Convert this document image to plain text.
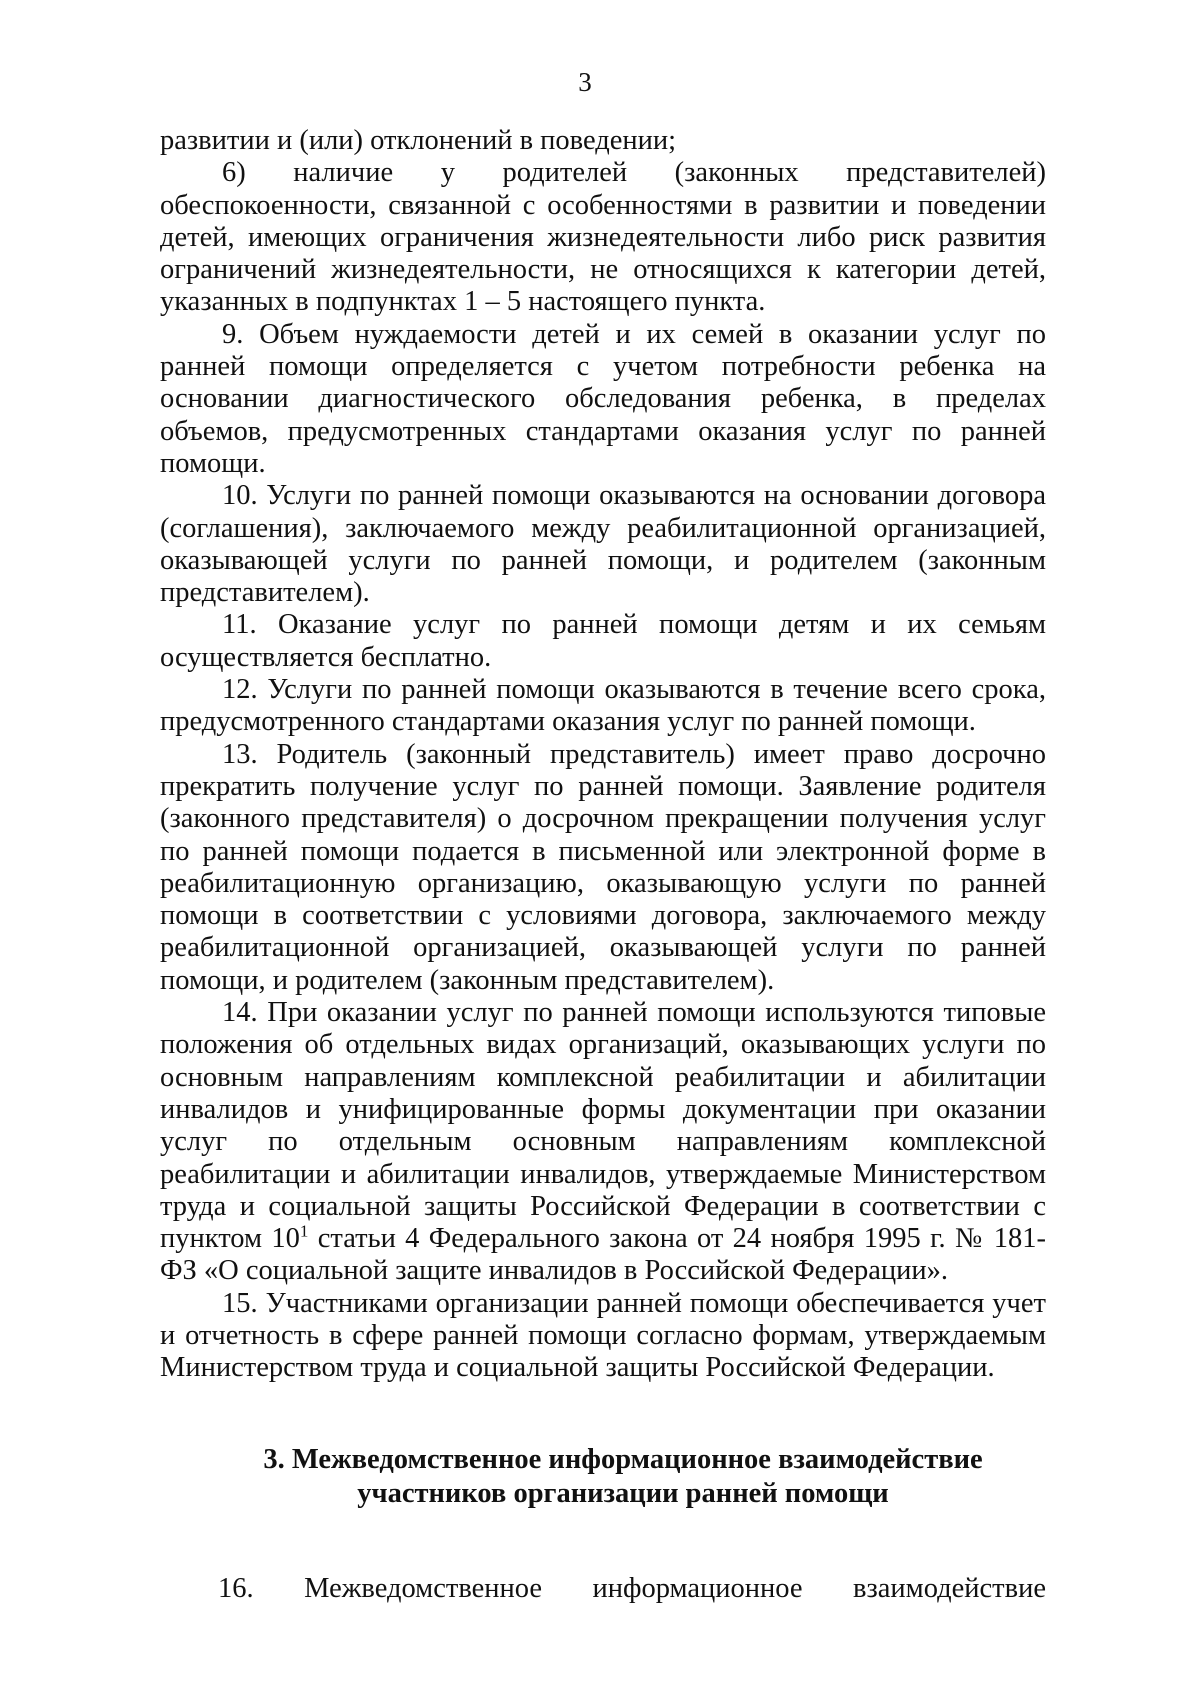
3

развитии и (или) отклонений в поведении;

6) наличие у родителей (законных представителей) обеспокоенности, связанной с особенностями в развитии и поведении детей, имеющих ограничения жизнедеятельности либо риск развития ограничений жизнедеятельности, не относящихся к категории детей, указанных в подпунктах 1 – 5 настоящего пункта.

9. Объем нуждаемости детей и их семей в оказании услуг по ранней помощи определяется с учетом потребности ребенка на основании диагностического обследования ребенка, в пределах объемов, предусмотренных стандартами оказания услуг по ранней помощи.

10. Услуги по ранней помощи оказываются на основании договора (соглашения), заключаемого между реабилитационной организацией, оказывающей услуги по ранней помощи, и родителем (законным представителем).

11. Оказание услуг по ранней помощи детям и их семьям осуществляется бесплатно.

12. Услуги по ранней помощи оказываются в течение всего срока, предусмотренного стандартами оказания услуг по ранней помощи.

13. Родитель (законный представитель) имеет право досрочно прекратить получение услуг по ранней помощи. Заявление родителя (законного представителя) о досрочном прекращении получения услуг по ранней помощи подается в письменной или электронной форме в реабилитационную организацию, оказывающую услуги по ранней помощи в соответствии с условиями договора, заключаемого между реабилитационной организацией, оказывающей услуги по ранней помощи, и родителем (законным представителем).

14. При оказании услуг по ранней помощи используются типовые положения об отдельных видах организаций, оказывающих услуги по основным направлениям комплексной реабилитации и абилитации инвалидов и унифицированные формы документации при оказании услуг по отдельным основным направлениям комплексной реабилитации и абилитации инвалидов, утверждаемые Министерством труда и социальной защиты Российской Федерации в соответствии с пунктом $10^1$ статьи 4 Федерального закона от 24 ноября 1995 г. № 181-ФЗ «О социальной защите инвалидов в Российской Федерации».

15. Участниками организации ранней помощи обеспечивается учет и отчетность в сфере ранней помощи согласно формам, утверждаемым Министерством труда и социальной защиты Российской Федерации.

3. Межведомственное информационное взаимодействие
участников организации ранней помощи
16. Межведомственное информационное взаимодействие
